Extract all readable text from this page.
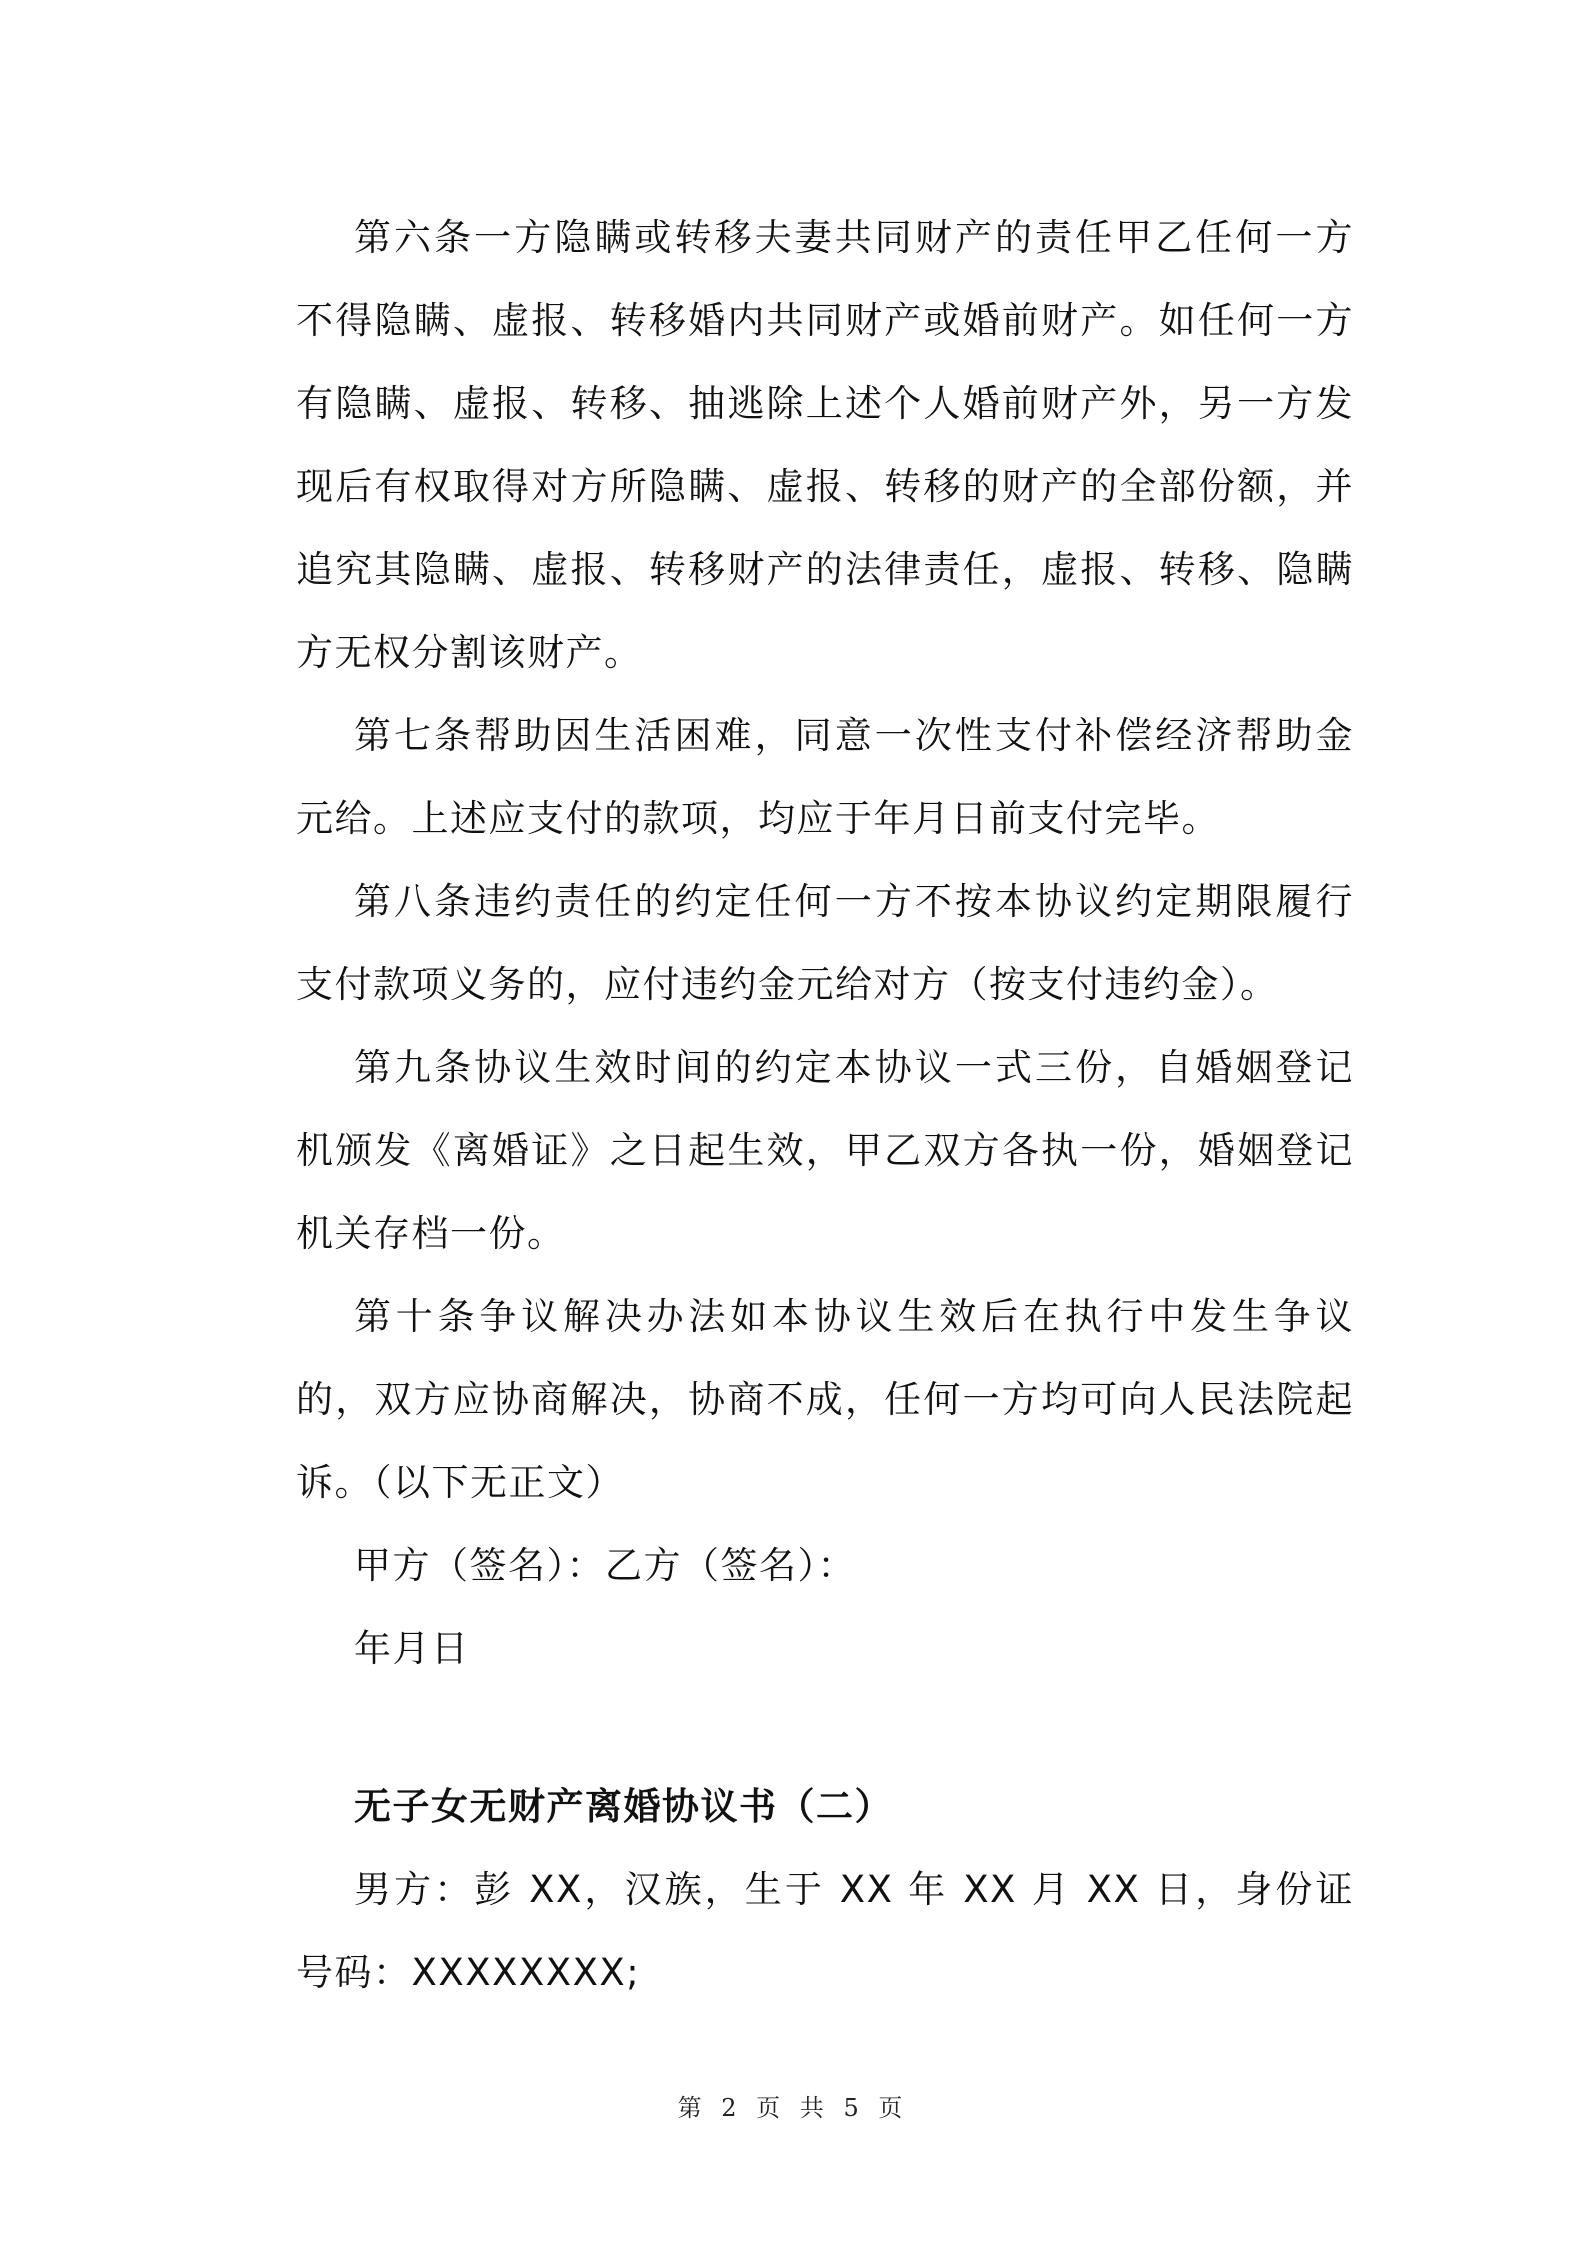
第六条一方隐瞒或转移夫妻共同财产的责任甲乙任何一方不得隐瞒、虚报、转移婚内共同财产或婚前财产。如任何一方有隐瞒、虚报、转移、抽逃除上述个人婚前财产外，另一方发现后有权取得对方所隐瞒、虚报、转移的财产的全部份额，并追究其隐瞒、虚报、转移财产的法律责任，虚报、转移、隐瞒方无权分割该财产。

第七条帮助因生活困难，同意一次性支付补偿经济帮助金元给。上述应支付的款项，均应于年月日前支付完毕。

第八条违约责任的约定任何一方不按本协议约定期限履行支付款项义务的，应付违约金元给对方（按支付违约金）。

第九条协议生效时间的约定本协议一式三份，自婚姻登记机颁发《离婚证》之日起生效，甲乙双方各执一份，婚姻登记机关存档一份。

第十条争议解决办法如本协议生效后在执行中发生争议的，双方应协商解决，协商不成，任何一方均可向人民法院起诉。（以下无正文）

甲方（签名）：乙方（签名）：

年月日

无子女无财产离婚协议书（二）

男方：彭 XX，汉族，生于 XX 年 XX 月 XX 日，身份证号码：XXXXXXXX;

第 2 页 共 5 页
